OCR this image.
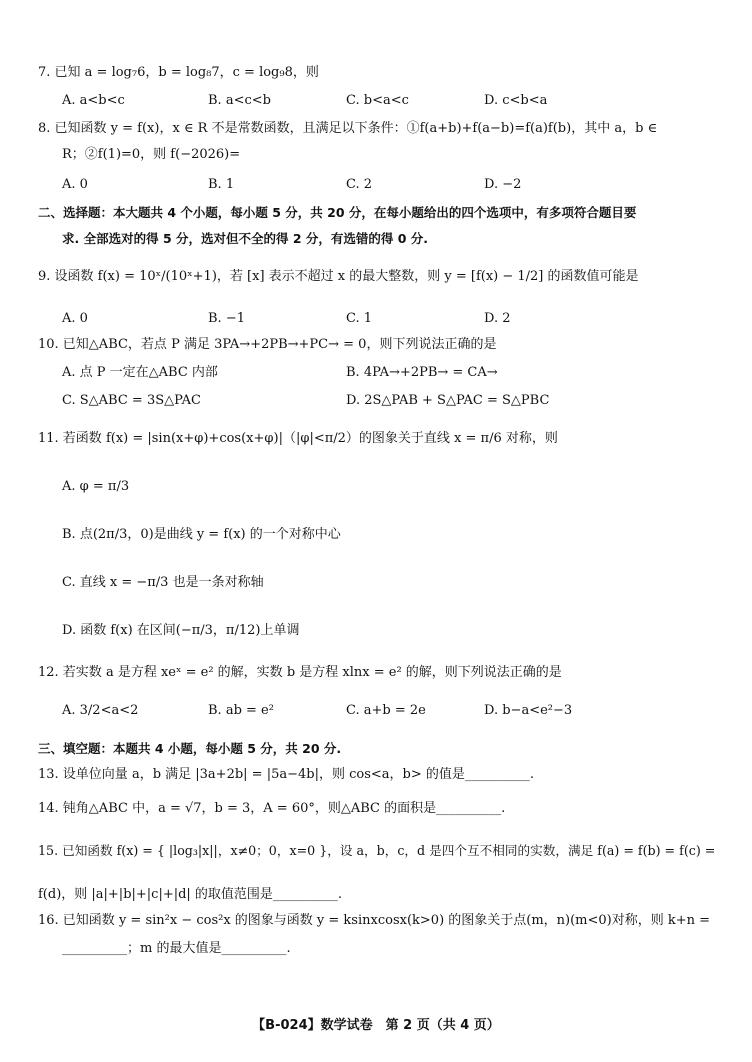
7. 已知 a = log₇6，b = log₈7，c = log₉8，则
A. a<b<c	B. a<c<b	C. b<a<c	D. c<b<a
8. 已知函数 y = f(x)，x ∈ R 不是常数函数，且满足以下条件：①f(a+b)+f(a−b)=f(a)f(b)，其中 a，b ∈
R；②f(1)=0，则 f(−2026)=
A. 0	B. 1	C. 2	D. −2
二、选择题：本大题共 4 个小题，每小题 5 分，共 20 分，在每小题给出的四个选项中，有多项符合题目要
求. 全部选对的得 5 分，选对但不全的得 2 分，有选错的得 0 分.
9. 设函数 f(x) = 10ˣ/(10ˣ+1)，若 [x] 表示不超过 x 的最大整数，则 y = [f(x) − 1/2] 的函数值可能是
A. 0	B. −1	C. 1	D. 2
10. 已知△ABC，若点 P 满足 3PA→+2PB→+PC→ = 0，则下列说法正确的是
A. 点 P 一定在△ABC 内部	B. 4PA→+2PB→ = CA→
C. S△ABC = 3S△PAC	D. 2S△PAB + S△PAC = S△PBC
11. 若函数 f(x) = |sin(x+φ)+cos(x+φ)|（|φ|<π/2）的图象关于直线 x = π/6 对称，则
A. φ = π/3
B. 点(2π/3，0)是曲线 y = f(x) 的一个对称中心
C. 直线 x = −π/3 也是一条对称轴
D. 函数 f(x) 在区间(−π/3，π/12)上单调
12. 若实数 a 是方程 xeˣ = e² 的解，实数 b 是方程 xlnx = e² 的解，则下列说法正确的是
A. 3/2<a<2	B. ab = e²	C. a+b = 2e	D. b−a<e²−3
三、填空题：本题共 4 小题，每小题 5 分，共 20 分.
13. 设单位向量 a，b 满足 |3a+2b| = |5a−4b|，则 cos<a，b> 的值是__________.
14. 钝角△ABC 中，a = √7，b = 3，A = 60°，则△ABC 的面积是__________.
15. 已知函数 f(x) = { |log₃|x||，x≠0；0，x=0 }，设 a，b，c，d 是四个互不相同的实数，满足 f(a) = f(b) = f(c) =
f(d)，则 |a|+|b|+|c|+|d| 的取值范围是__________.
16. 已知函数 y = sin²x − cos²x 的图象与函数 y = ksinxcosx(k>0) 的图象关于点(m，n)(m<0)对称，则 k+n =
__________；m 的最大值是__________.
【B-024】数学试卷　第 2 页（共 4 页）
